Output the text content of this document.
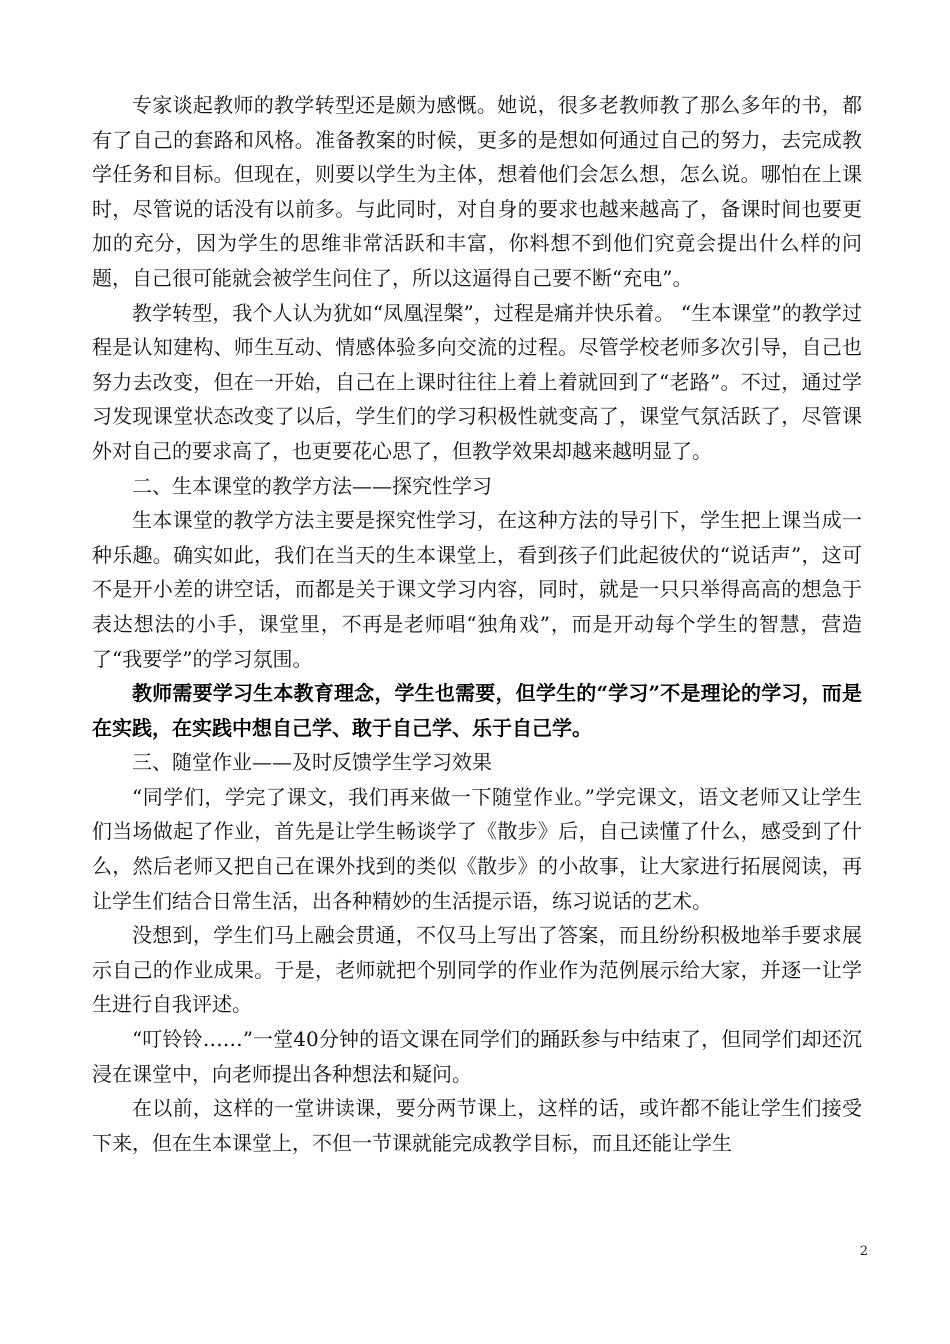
专家谈起教师的教学转型还是颇为感慨。她说，很多老教师教了那么多年的书，都有了自己的套路和风格。准备教案的时候，更多的是想如何通过自己的努力，去完成教学任务和目标。但现在，则要以学生为主体，想着他们会怎么想，怎么说。哪怕在上课时，尽管说的话没有以前多。与此同时，对自身的要求也越来越高了，备课时间也要更加的充分，因为学生的思维非常活跃和丰富，你料想不到他们究竟会提出什么样的问题，自己很可能就会被学生问住了，所以这逼得自己要不断“充电”。

教学转型，我个人认为犹如“凤凰涅槃”，过程是痛并快乐着。 “生本课堂”的教学过程是认知建构、师生互动、情感体验多向交流的过程。尽管学校老师多次引导，自己也努力去改变，但在一开始，自己在上课时往往上着上着就回到了“老路”。不过，通过学习发现课堂状态改变了以后，学生们的学习积极性就变高了，课堂气氛活跃了，尽管课外对自己的要求高了，也更要花心思了，但教学效果却越来越明显了。

二、生本课堂的教学方法——探究性学习

生本课堂的教学方法主要是探究性学习，在这种方法的导引下，学生把上课当成一种乐趣。确实如此，我们在当天的生本课堂上，看到孩子们此起彼伏的“说话声”，这可不是开小差的讲空话，而都是关于课文学习内容，同时，就是一只只举得高高的想急于表达想法的小手，课堂里，不再是老师唱“独角戏”，而是开动每个学生的智慧，营造了“我要学”的学习氛围。

教师需要学习生本教育理念，学生也需要，但学生的“学习”不是理论的学习，而是在实践，在实践中想自己学、敢于自己学、乐于自己学。

三、随堂作业——及时反馈学生学习效果

“同学们，学完了课文，我们再来做一下随堂作业。”学完课文，语文老师又让学生们当场做起了作业，首先是让学生畅谈学了《散步》后，自己读懂了什么，感受到了什么，然后老师又把自己在课外找到的类似《散步》的小故事，让大家进行拓展阅读，再让学生们结合日常生活，出各种精妙的生活提示语，练习说话的艺术。

没想到，学生们马上融会贯通，不仅马上写出了答案，而且纷纷积极地举手要求展示自己的作业成果。于是，老师就把个别同学的作业作为范例展示给大家，并逐一让学生进行自我评述。

“叮铃铃……”一堂40分钟的语文课在同学们的踊跃参与中结束了，但同学们却还沉浸在课堂中，向老师提出各种想法和疑问。

在以前，这样的一堂讲读课，要分两节课上，这样的话，或许都不能让学生们接受下来，但在生本课堂上，不但一节课就能完成教学目标，而且还能让学生

2
